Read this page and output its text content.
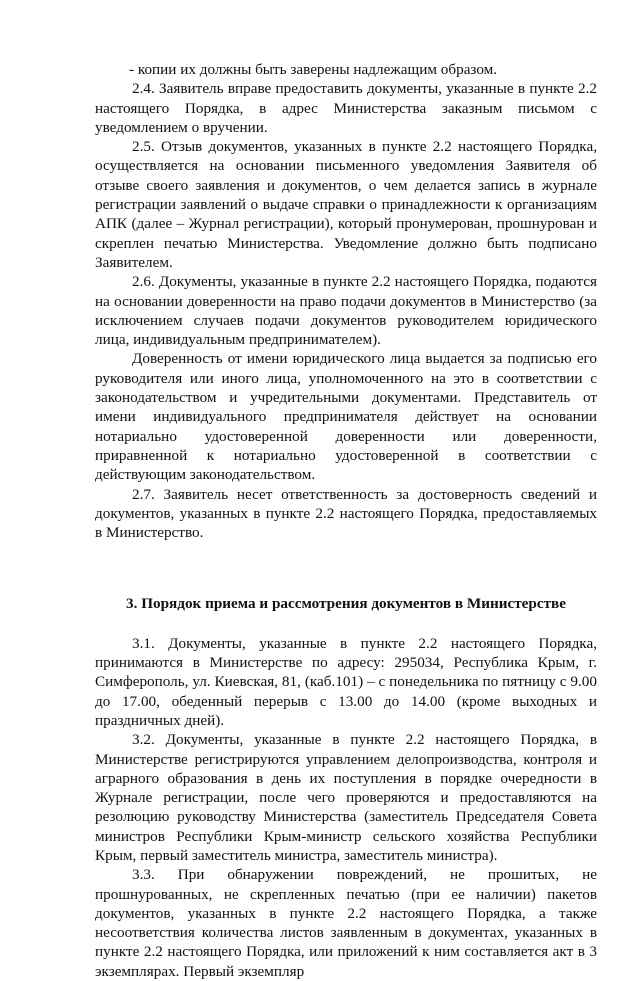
- копии их должны быть заверены надлежащим образом.

2.4. Заявитель вправе предоставить документы, указанные в пункте 2.2 настоящего Порядка, в адрес Министерства заказным письмом с уведомлением о вручении.

2.5. Отзыв документов, указанных в пункте 2.2 настоящего Порядка, осуществляется на основании письменного уведомления Заявителя об отзыве своего заявления и документов, о чем делается запись в журнале регистрации заявлений о выдаче справки о принадлежности к организациям АПК (далее – Журнал регистрации), который пронумерован, прошнурован и скреплен печатью Министерства. Уведомление должно быть подписано Заявителем.

2.6. Документы, указанные в пункте 2.2 настоящего Порядка, подаются на основании доверенности на право подачи документов в Министерство (за исключением случаев подачи документов руководителем юридического лица, индивидуальным предпринимателем).

Доверенность от имени юридического лица выдается за подписью его руководителя или иного лица, уполномоченного на это в соответствии с законодательством и учредительными документами. Представитель от имени индивидуального предпринимателя действует на основании нотариально удостоверенной доверенности или доверенности, приравненной к нотариально удостоверенной в соответствии с действующим законодательством.

2.7. Заявитель несет ответственность за достоверность сведений и документов, указанных в пункте 2.2 настоящего Порядка, предоставляемых в Министерство.

3. Порядок приема и рассмотрения документов в Министерстве

3.1. Документы, указанные в пункте 2.2 настоящего Порядка, принимаются в Министерстве по адресу: 295034, Республика Крым, г. Симферополь, ул. Киевская, 81, (каб.101) – с понедельника по пятницу с 9.00 до 17.00, обеденный перерыв с 13.00 до 14.00 (кроме выходных и праздничных дней).

3.2. Документы, указанные в пункте 2.2 настоящего Порядка, в Министерстве регистрируются управлением делопроизводства, контроля и аграрного образования в день их поступления в порядке очередности в Журнале регистрации, после чего проверяются и предоставляются на резолюцию руководству Министерства (заместитель Председателя Совета министров Республики Крым-министр сельского хозяйства Республики Крым, первый заместитель министра, заместитель министра).

3.3. При обнаружении повреждений, не прошитых, не прошнурованных, не скрепленных печатью (при ее наличии) пакетов документов, указанных в пункте 2.2 настоящего Порядка, а также несоответствия количества листов заявленным в документах, указанных в пункте 2.2 настоящего Порядка, или приложений к ним составляется акт в 3 экземплярах. Первый экземпляр
